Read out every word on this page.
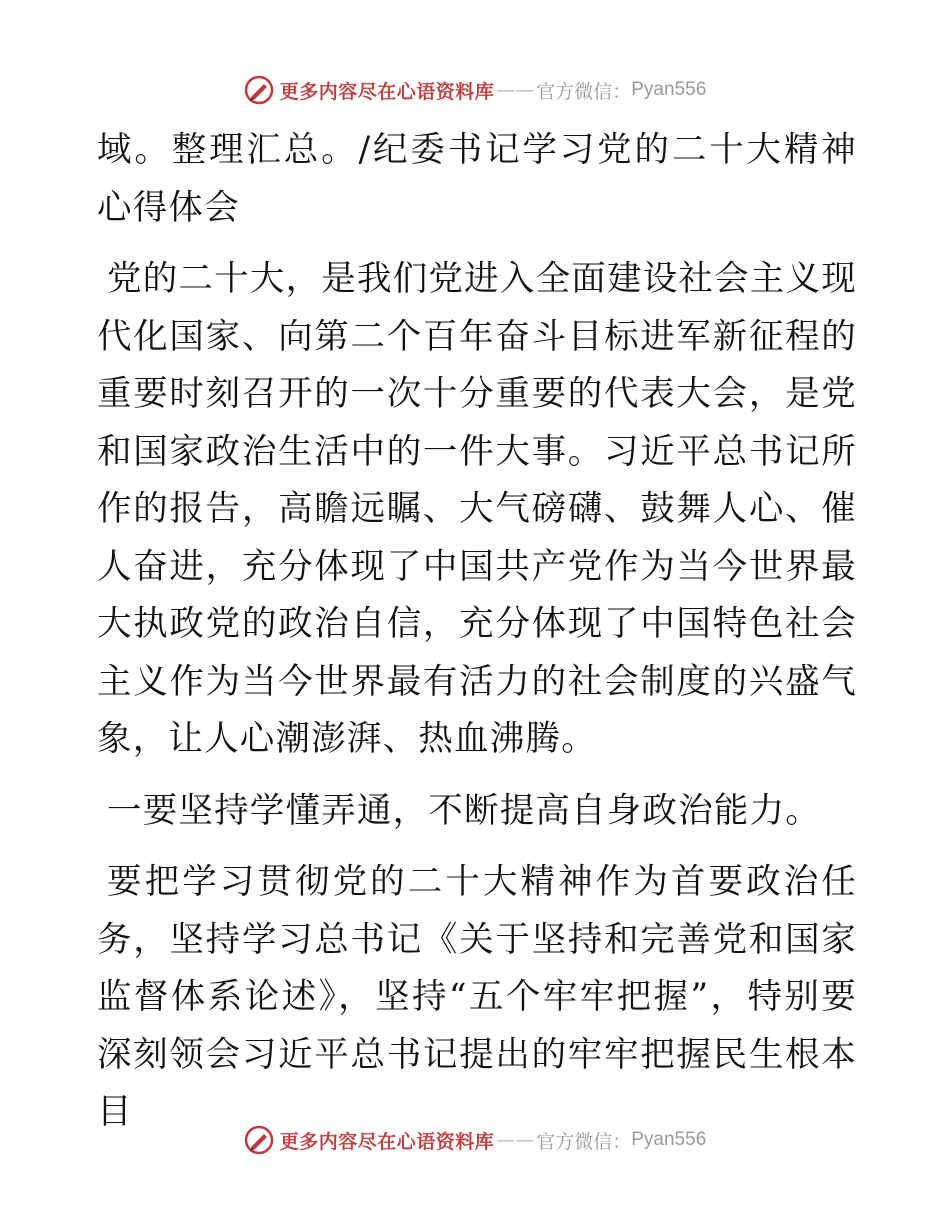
更多内容尽在心语资料库 —— 官方微信： Pyan556

域。整理汇总。/纪委书记学习党的二十大精神心得体会

党的二十大，是我们党进入全面建设社会主义现代化国家、向第二个百年奋斗目标进军新征程的重要时刻召开的一次十分重要的代表大会，是党和国家政治生活中的一件大事。习近平总书记所作的报告，高瞻远瞩、大气磅礴、鼓舞人心、催人奋进，充分体现了中国共产党作为当今世界最大执政党的政治自信，充分体现了中国特色社会主义作为当今世界最有活力的社会制度的兴盛气象，让人心潮澎湃、热血沸腾。

一要坚持学懂弄通，不断提高自身政治能力。

要把学习贯彻党的二十大精神作为首要政治任务，坚持学习总书记《关于坚持和完善党和国家监督体系论述》，坚持“五个牢牢把握”，特别要深刻领会习近平总书记提出的牢牢把握民生根本目

更多内容尽在心语资料库 —— 官方微信： Pyan556
